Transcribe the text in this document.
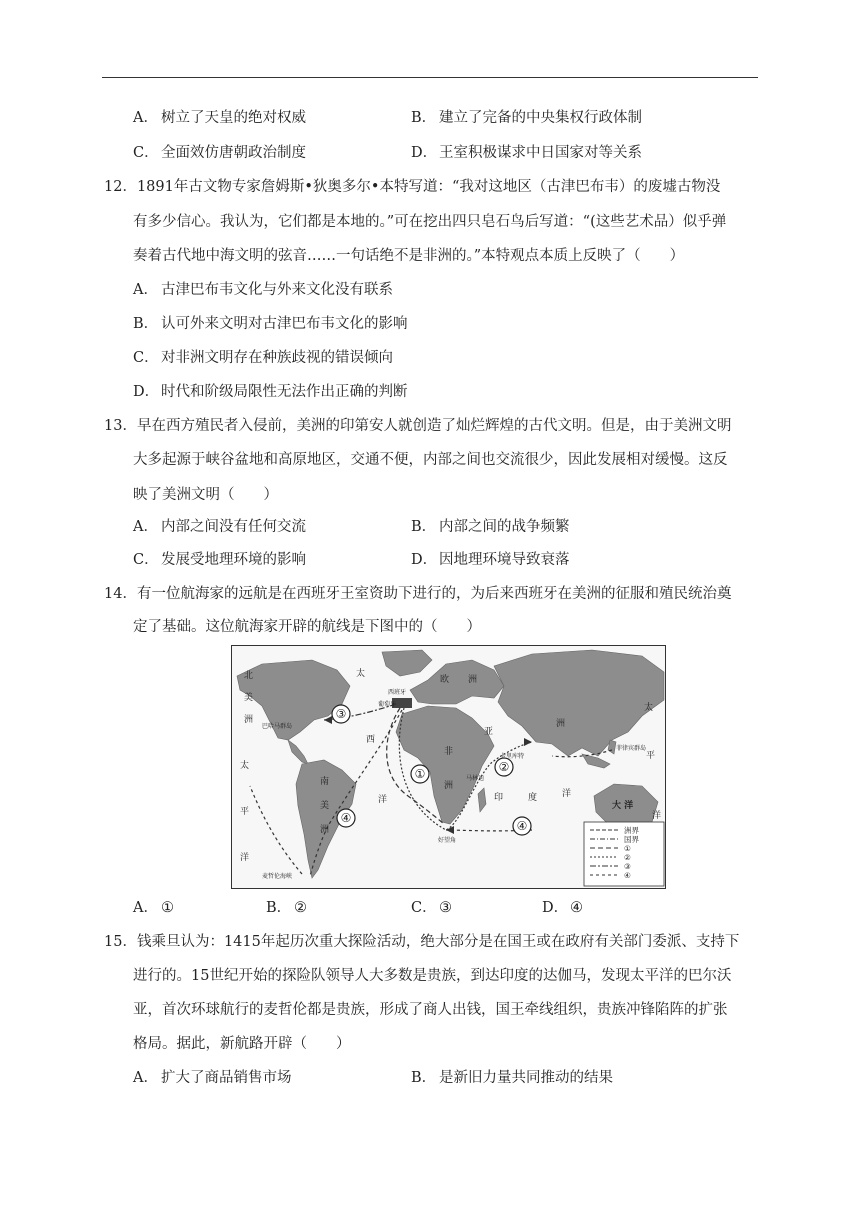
A． 树立了天皇的绝对权威	B． 建立了完备的中央集权行政体制
C． 全面效仿唐朝政治制度	D． 王室积极谋求中日国家对等关系
12．1891年古文物专家詹姆斯•狄奥多尔•本特写道：“我对这地区（古津巴布韦）的废墟古物没
有多少信心。我认为，它们都是本地的。”可在挖出四只皂石鸟后写道：“(这些艺术品）似乎弹
奏着古代地中海文明的弦音……一句话绝不是非洲的。”本特观点本质上反映了（　　）
A． 古津巴布韦文化与外来文化没有联系
B． 认可外来文明对古津巴布韦文化的影响
C． 对非洲文明存在种族歧视的错误倾向
D． 时代和阶级局限性无法作出正确的判断
13．早在西方殖民者入侵前，美洲的印第安人就创造了灿烂辉煌的古代文明。但是，由于美洲文明
大多起源于峡谷盆地和高原地区，交通不便，内部之间也交流很少，因此发展相对缓慢。这反
映了美洲文明（　　）
A． 内部之间没有任何交流	B． 内部之间的战争频繁
C． 发展受地理环境的影响	D． 因地理环境导致衰落
14．有一位航海家的远航是在西班牙王室资助下进行的，为后来西班牙在美洲的征服和殖民统治奠
定了基础。这位航海家开辟的航线是下图中的（　　）
①	②
③
④
④
北
美
洲
太
欧 洲
西班牙
葡萄牙
巴哈马群岛
西
亚
洲
非
洲
卡里库特
马林迪
菲律宾群岛
太
平
洋
南
美
洲
洋	印	度	洋
太
平
洋
大 洋
好望角
麦哲伦海峡
洲界
国界
①
②
③
④
A． ①	B． ②	C． ③	D． ④
15．钱乘旦认为：1415年起历次重大探险活动，绝大部分是在国王或在政府有关部门委派、支持下
进行的。15世纪开始的探险队领导人大多数是贵族，到达印度的达伽马，发现太平洋的巴尔沃
亚，首次环球航行的麦哲伦都是贵族，形成了商人出钱，国王牵线组织，贵族冲锋陷阵的扩张
格局。据此，新航路开辟（　　）
A． 扩大了商品销售市场	B． 是新旧力量共同推动的结果
